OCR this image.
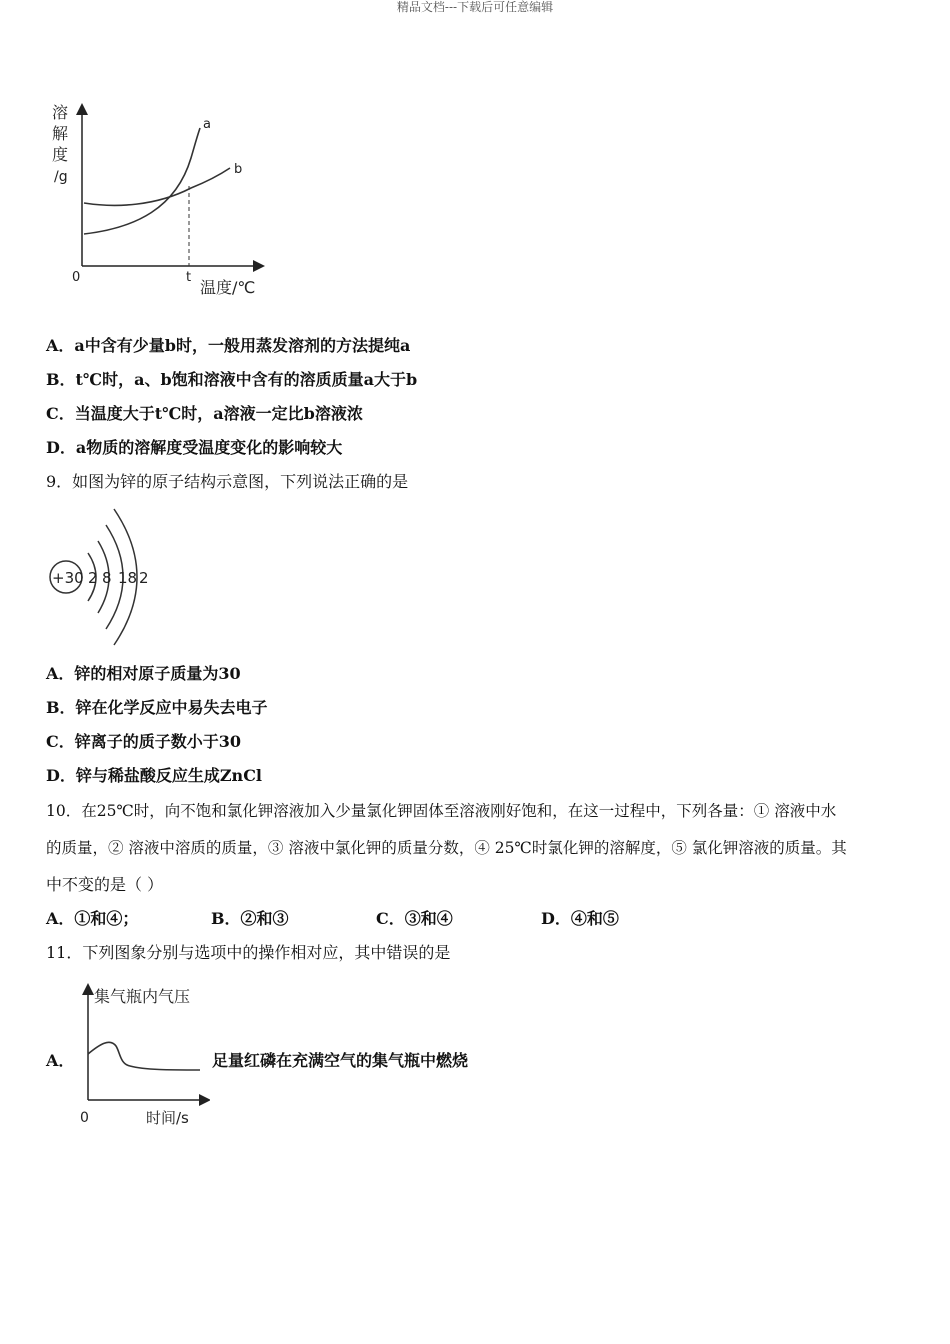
精品文档---下载后可任意编辑
溶
解
度
/g
0
a
b
t
温度/℃
A．a中含有少量b时，一般用蒸发溶剂的方法提纯a
B．t℃时，a、b饱和溶液中含有的溶质质量a大于b
C．当温度大于t℃时，a溶液一定比b溶液浓
D．a物质的溶解度受温度变化的影响较大
9．如图为锌的原子结构示意图，下列说法正确的是
+30 2 8 18 2
A．锌的相对原子质量为30
B．锌在化学反应中易失去电子
C．锌离子的质子数小于30
D．锌与稀盐酸反应生成ZnCl
10．在25℃时，向不饱和氯化钾溶液加入少量氯化钾固体至溶液刚好饱和，在这一过程中，下列各量：① 溶液中水
的质量，② 溶液中溶质的质量，③ 溶液中氯化钾的质量分数，④ 25℃时氯化钾的溶解度，⑤ 氯化钾溶液的质量。其
中不变的是（ ）
A．①和④；	B．②和③	C．③和④	D．④和⑤
11．下列图象分别与选项中的操作相对应，其中错误的是
A．
集气瓶内气压
0	时间/s
足量红磷在充满空气的集气瓶中燃烧
